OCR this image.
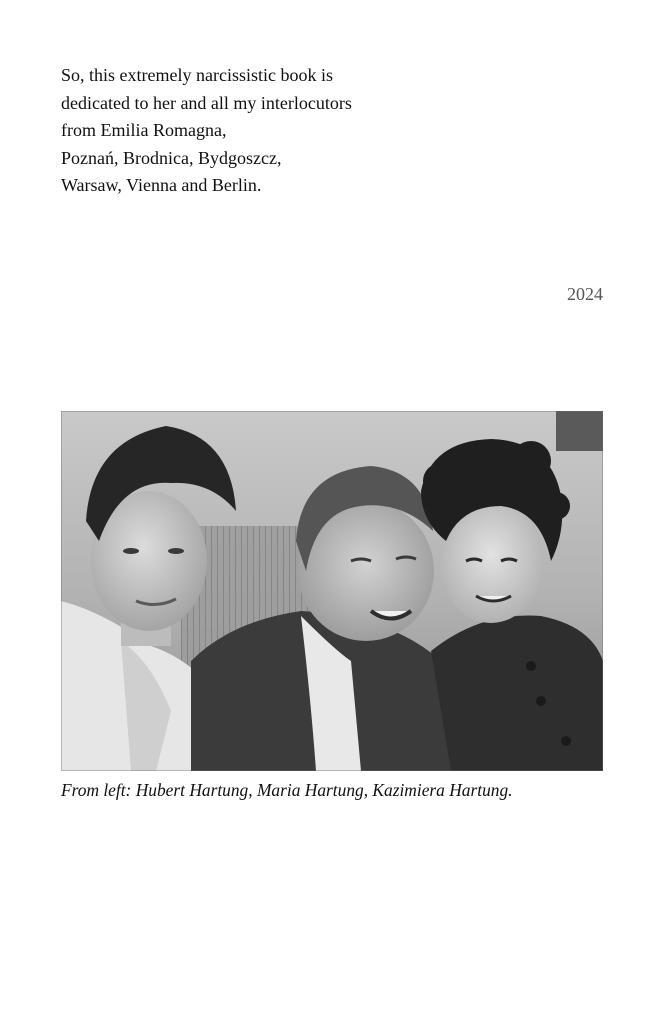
So, this extremely narcissistic book is
dedicated to her and all my interlocutors
from Emilia Romagna,
Poznań, Brodnica, Bydgoszcz,
Warsaw, Vienna and Berlin.
2024
From left: Hubert Hartung, Maria Hartung, Kazimiera Hartung.
